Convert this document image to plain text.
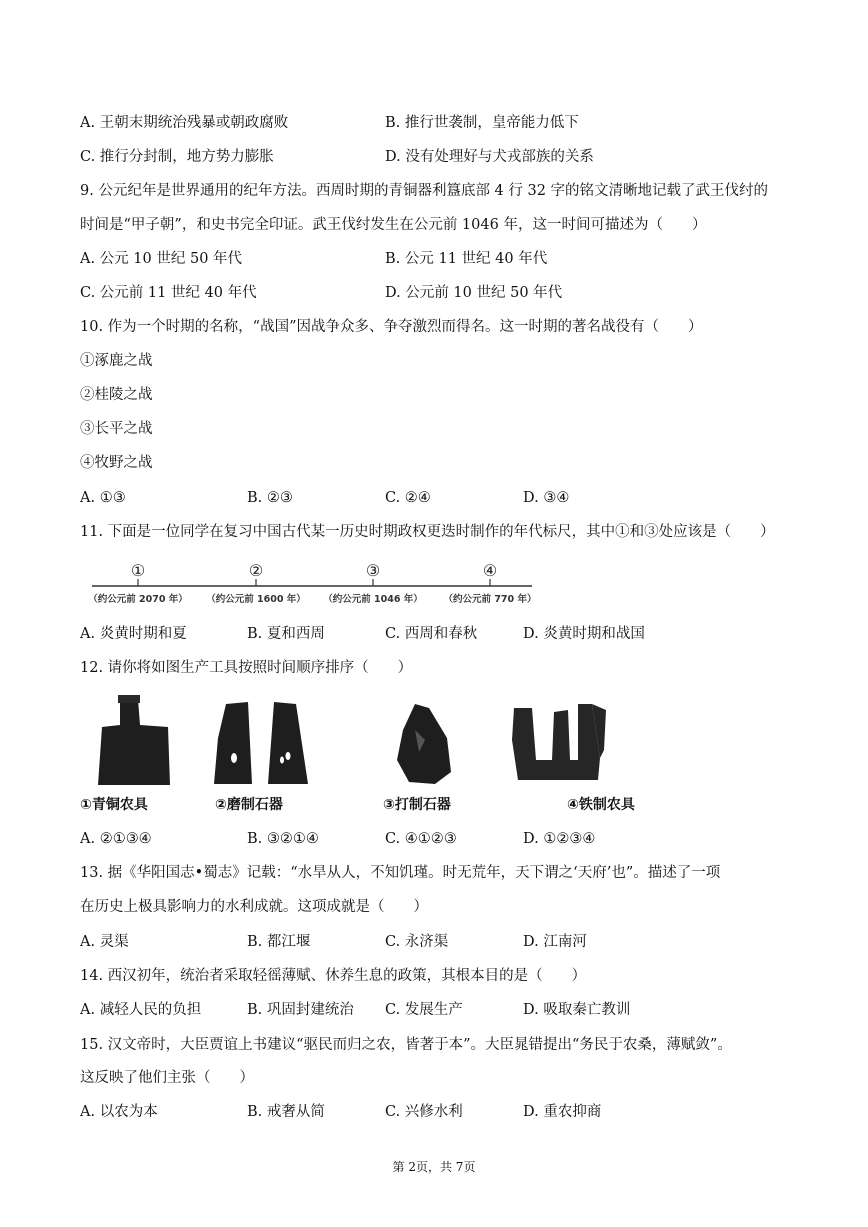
A. 王朝末期统治残暴或朝政腐败	B. 推行世袭制，皇帝能力低下
C. 推行分封制，地方势力膨胀	D. 没有处理好与犬戎部族的关系
9. 公元纪年是世界通用的纪年方法。西周时期的青铜器利簋底部 4 行 32 字的铭文清晰地记载了武王伐纣的
时间是“甲子朝”，和史书完全印证。武王伐纣发生在公元前 1046 年，这一时间可描述为（　　）
A. 公元 10 世纪 50 年代	B. 公元 11 世纪 40 年代
C. 公元前 11 世纪 40 年代	D. 公元前 10 世纪 50 年代
10. 作为一个时期的名称，“战国”因战争众多、争夺激烈而得名。这一时期的著名战役有（　　）
①涿鹿之战
②桂陵之战
③长平之战
④牧野之战
A. ①③	B. ②③	C. ②④	D. ③④
11. 下面是一位同学在复习中国古代某一历史时期政权更迭时制作的年代标尺，其中①和③处应该是（　　）
①	②	③	④
（约公元前 2070 年） （约公元前 1600 年） （约公元前 1046 年） （约公元前 770 年）
A. 炎黄时期和夏	B. 夏和西周	C. 西周和春秋	D. 炎黄时期和战国
12. 请你将如图生产工具按照时间顺序排序（　　）
①青铜农具	②磨制石器	③打制石器	④铁制农具
A. ②①③④	B. ③②①④	C. ④①②③	D. ①②③④
13. 据《华阳国志•蜀志》记载：“水旱从人，不知饥瑾。时无荒年，天下谓之‘天府’也”。描述了一项
在历史上极具影响力的水利成就。这项成就是（　　）
A. 灵渠	B. 都江堰	C. 永济渠	D. 江南河
14. 西汉初年，统治者采取轻徭薄赋、休养生息的政策，其根本目的是（　　）
A. 减轻人民的负担	B. 巩固封建统治 C. 发展生产	D. 吸取秦亡教训
15. 汉文帝时，大臣贾谊上书建议“驱民而归之农，皆著于本”。大臣晁错提出“务民于农桑，薄赋敛”。
这反映了他们主张（　　）
A. 以农为本	B. 戒奢从简	C. 兴修水利	D. 重农抑商
第 2页，共 7页
